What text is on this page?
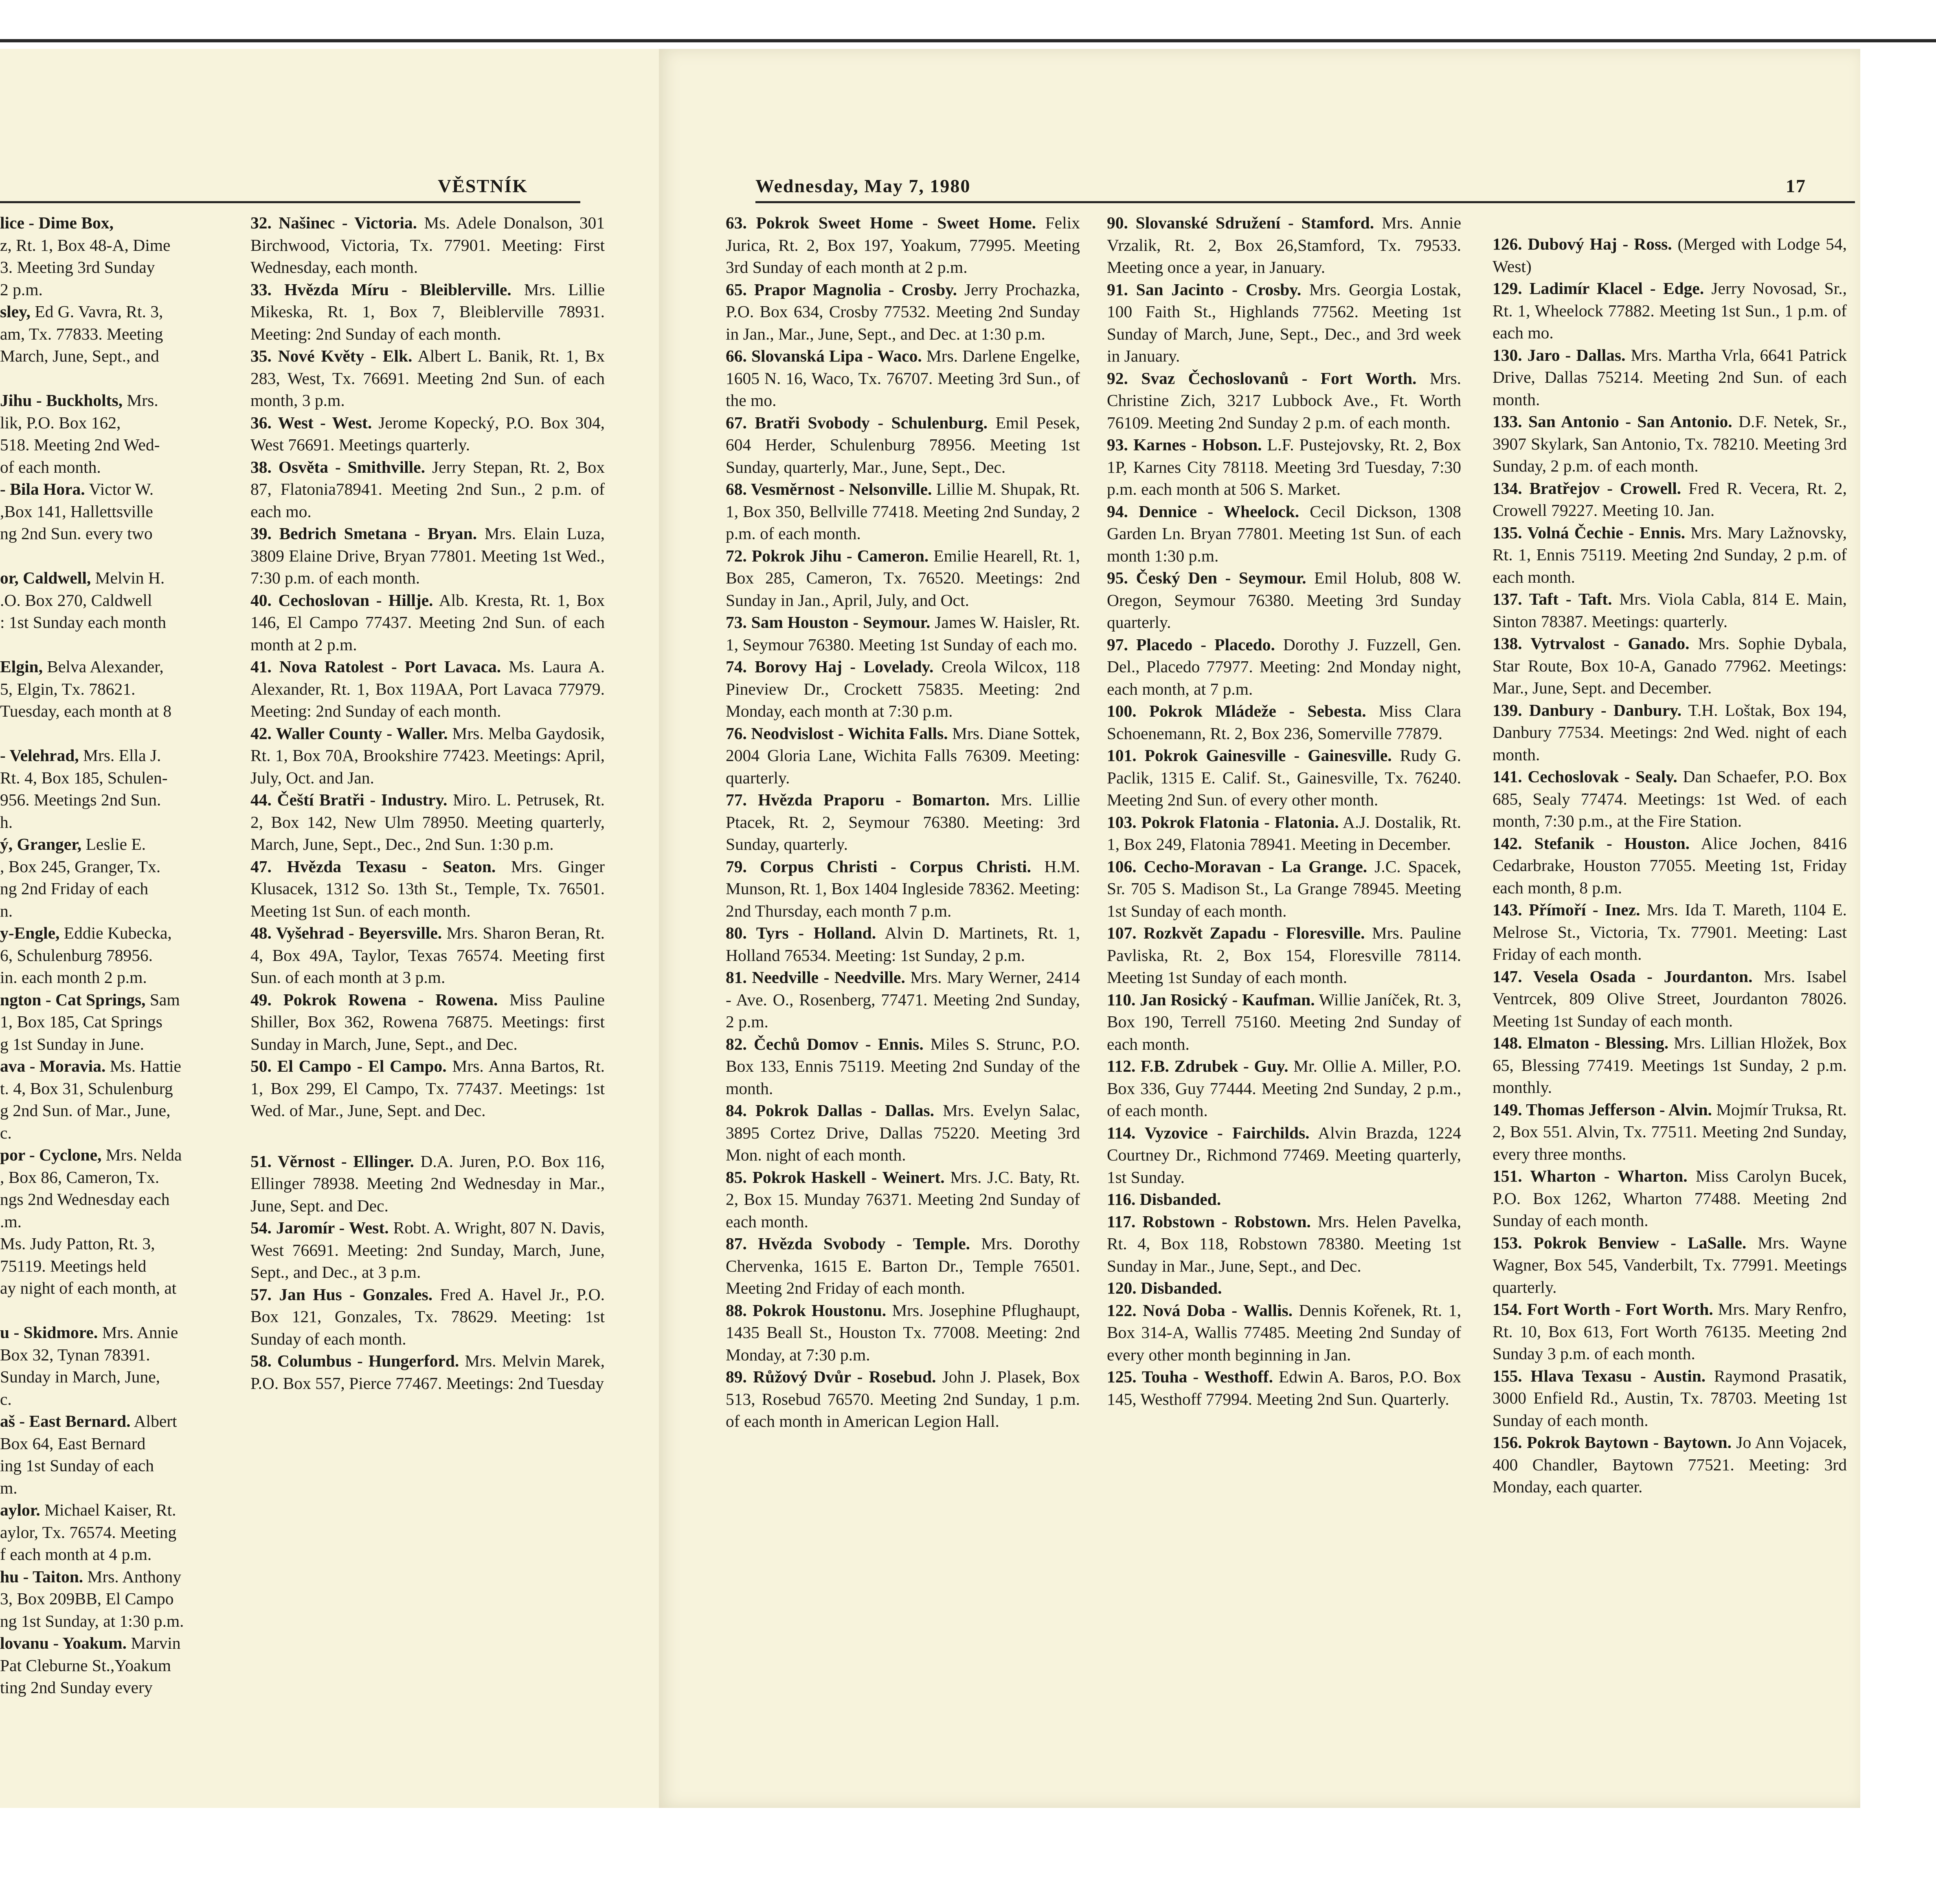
VĚSTNÍK	Wednesday, May 7, 1980	17
lice - Dime Box,
z, Rt. 1, Box 48-A, Dime
3. Meeting 3rd Sunday
2 p.m.
sley, Ed G. Vavra, Rt. 3,
am, Tx. 77833. Meeting
March, June, Sept., and

Jihu - Buckholts, Mrs.
lik, P.O. Box 162,
518. Meeting 2nd Wed-
of each month.
- Bila Hora. Victor W.
,Box 141, Hallettsville
ng 2nd Sun. every two

or, Caldwell, Melvin H.
.O. Box 270, Caldwell
: 1st Sunday each month

Elgin, Belva Alexander,
5, Elgin, Tx. 78621.
Tuesday, each month at 8

- Velehrad, Mrs. Ella J.
Rt. 4, Box 185, Schulen-
956. Meetings 2nd Sun.
h.
ý, Granger, Leslie E.
, Box 245, Granger, Tx.
ng 2nd Friday of each
n.
y-Engle, Eddie Kubecka,
6, Schulenburg 78956.
in. each month 2 p.m.
ngton - Cat Springs, Sam
1, Box 185, Cat Springs
g 1st Sunday in June.
ava - Moravia. Ms. Hattie
t. 4, Box 31, Schulenburg
g 2nd Sun. of Mar., June,
c.
por - Cyclone, Mrs. Nelda
, Box 86, Cameron, Tx.
ngs 2nd Wednesday each
.m.
Ms. Judy Patton, Rt. 3,
75119. Meetings held
ay night of each month, at

u - Skidmore. Mrs. Annie
Box 32, Tynan 78391.
Sunday in March, June,
c.
aš - East Bernard. Albert
Box 64, East Bernard
ing 1st Sunday of each
m.
aylor. Michael Kaiser, Rt.
aylor, Tx. 76574. Meeting
f each month at 4 p.m.
hu - Taiton. Mrs. Anthony
3, Box 209BB, El Campo
ng 1st Sunday, at 1:30 p.m.
lovanu - Yoakum. Marvin
Pat Cleburne St.,Yoakum
ting 2nd Sunday every
32. Našinec - Victoria. Ms. Adele Donalson, 301 Birchwood, Victoria, Tx. 77901. Meeting: First Wednesday, each month.
33. Hvězda Míru - Bleiblerville. Mrs. Lillie Mikeska, Rt. 1, Box 7, Bleiblerville 78931. Meeting: 2nd Sunday of each month.
35. Nové Květy - Elk. Albert L. Banik, Rt. 1, Bx 283, West, Tx. 76691. Meeting 2nd Sun. of each month, 3 p.m.
36. West - West. Jerome Kopecký, P.O. Box 304, West 76691. Meetings quarterly.
38. Osvěta - Smithville. Jerry Stepan, Rt. 2, Box 87, Flatonia78941. Meeting 2nd Sun., 2 p.m. of each mo.
39. Bedrich Smetana - Bryan. Mrs. Elain Luza, 3809 Elaine Drive, Bryan 77801. Meeting 1st Wed., 7:30 p.m. of each month.
40. Cechoslovan - Hillje. Alb. Kresta, Rt. 1, Box 146, El Campo 77437. Meeting 2nd Sun. of each month at 2 p.m.
41. Nova Ratolest - Port Lavaca. Ms. Laura A. Alexander, Rt. 1, Box 119AA, Port Lavaca 77979. Meeting: 2nd Sunday of each month.
42. Waller County - Waller. Mrs. Melba Gaydosik, Rt. 1, Box 70A, Brookshire 77423. Meetings: April, July, Oct. and Jan.
44. Čeští Bratři - Industry. Miro. L. Petrusek, Rt. 2, Box 142, New Ulm 78950. Meeting quarterly, March, June, Sept., Dec., 2nd Sun. 1:30 p.m.
47. Hvězda Texasu - Seaton. Mrs. Ginger Klusacek, 1312 So. 13th St., Temple, Tx. 76501. Meeting 1st Sun. of each month.
48. Vyšehrad - Beyersville. Mrs. Sharon Beran, Rt. 4, Box 49A, Taylor, Texas 76574. Meeting first Sun. of each month at 3 p.m.
49. Pokrok Rowena - Rowena. Miss Pauline Shiller, Box 362, Rowena 76875. Meetings: first Sunday in March, June, Sept., and Dec.
50. El Campo - El Campo. Mrs. Anna Bartos, Rt. 1, Box 299, El Campo, Tx. 77437. Meetings: 1st Wed. of Mar., June, Sept. and Dec.
51. Věrnost - Ellinger. D.A. Juren, P.O. Box 116, Ellinger 78938. Meeting 2nd Wednesday in Mar., June, Sept. and Dec.
54. Jaromír - West. Robt. A. Wright, 807 N. Davis, West 76691. Meeting: 2nd Sunday, March, June, Sept., and Dec., at 3 p.m.
57. Jan Hus - Gonzales. Fred A. Havel Jr., P.O. Box 121, Gonzales, Tx. 78629. Meeting: 1st Sunday of each month.
58. Columbus - Hungerford. Mrs. Melvin Marek, P.O. Box 557, Pierce 77467. Meetings: 2nd Tuesday
63. Pokrok Sweet Home - Sweet Home. Felix Jurica, Rt. 2, Box 197, Yoakum, 77995. Meeting 3rd Sunday of each month at 2 p.m.
65. Prapor Magnolia - Crosby. Jerry Prochazka, P.O. Box 634, Crosby 77532. Meeting 2nd Sunday in Jan., Mar., June, Sept., and Dec. at 1:30 p.m.
66. Slovanská Lipa - Waco. Mrs. Darlene Engelke, 1605 N. 16, Waco, Tx. 76707. Meeting 3rd Sun., of the mo.
67. Bratři Svobody - Schulenburg. Emil Pesek, 604 Herder, Schulenburg 78956. Meeting 1st Sunday, quarterly, Mar., June, Sept., Dec.
68. Vesměrnost - Nelsonville. Lillie M. Shupak, Rt. 1, Box 350, Bellville 77418. Meeting 2nd Sunday, 2 p.m. of each month.
72. Pokrok Jihu - Cameron. Emilie Hearell, Rt. 1, Box 285, Cameron, Tx. 76520. Meetings: 2nd Sunday in Jan., April, July, and Oct.
73. Sam Houston - Seymour. James W. Haisler, Rt. 1, Seymour 76380. Meeting 1st Sunday of each mo.
74. Borovy Haj - Lovelady. Creola Wilcox, 118 Pineview Dr., Crockett 75835. Meeting: 2nd Monday, each month at 7:30 p.m.
76. Neodvislost - Wichita Falls. Mrs. Diane Sottek, 2004 Gloria Lane, Wichita Falls 76309. Meeting: quarterly.
77. Hvězda Praporu - Bomarton. Mrs. Lillie Ptacek, Rt. 2, Seymour 76380. Meeting: 3rd Sunday, quarterly.
79. Corpus Christi - Corpus Christi. H.M. Munson, Rt. 1, Box 1404 Ingleside 78362. Meeting: 2nd Thursday, each month 7 p.m.
80. Tyrs - Holland. Alvin D. Martinets, Rt. 1, Holland 76534. Meeting: 1st Sunday, 2 p.m.
81. Needville - Needville. Mrs. Mary Werner, 2414 - Ave. O., Rosenberg, 77471. Meeting 2nd Sunday, 2 p.m.
82. Čechů Domov - Ennis. Miles S. Strunc, P.O. Box 133, Ennis 75119. Meeting 2nd Sunday of the month.
84. Pokrok Dallas - Dallas. Mrs. Evelyn Salac, 3895 Cortez Drive, Dallas 75220. Meeting 3rd Mon. night of each month.
85. Pokrok Haskell - Weinert. Mrs. J.C. Baty, Rt. 2, Box 15. Munday 76371. Meeting 2nd Sunday of each month.
87. Hvězda Svobody - Temple. Mrs. Dorothy Chervenka, 1615 E. Barton Dr., Temple 76501. Meeting 2nd Friday of each month.
88. Pokrok Houstonu. Mrs. Josephine Pflughaupt, 1435 Beall St., Houston Tx. 77008. Meeting: 2nd Monday, at 7:30 p.m.
89. Růžový Dvůr - Rosebud. John J. Plasek, Box 513, Rosebud 76570. Meeting 2nd Sunday, 1 p.m. of each month in American Legion Hall.
90. Slovanské Sdružení - Stamford. Mrs. Annie Vrzalik, Rt. 2, Box 26,Stamford, Tx. 79533. Meeting once a year, in January.
91. San Jacinto - Crosby. Mrs. Georgia Lostak, 100 Faith St., Highlands 77562. Meeting 1st Sunday of March, June, Sept., Dec., and 3rd week in January.
92. Svaz Čechoslovanů - Fort Worth. Mrs. Christine Zich, 3217 Lubbock Ave., Ft. Worth 76109. Meeting 2nd Sunday 2 p.m. of each month.
93. Karnes - Hobson. L.F. Pustejovsky, Rt. 2, Box 1P, Karnes City 78118. Meeting 3rd Tuesday, 7:30 p.m. each month at 506 S. Market.
94. Dennice - Wheelock. Cecil Dickson, 1308 Garden Ln. Bryan 77801. Meeting 1st Sun. of each month 1:30 p.m.
95. Český Den - Seymour. Emil Holub, 808 W. Oregon, Seymour 76380. Meeting 3rd Sunday quarterly.
97. Placedo - Placedo. Dorothy J. Fuzzell, Gen. Del., Placedo 77977. Meeting: 2nd Monday night, each month, at 7 p.m.
100. Pokrok Mládeže - Sebesta. Miss Clara Schoenemann, Rt. 2, Box 236, Somerville 77879.
101. Pokrok Gainesville - Gainesville. Rudy G. Paclik, 1315 E. Calif. St., Gainesville, Tx. 76240. Meeting 2nd Sun. of every other month.
103. Pokrok Flatonia - Flatonia. A.J. Dostalik, Rt. 1, Box 249, Flatonia 78941. Meeting in December.
106. Cecho-Moravan - La Grange. J.C. Spacek, Sr. 705 S. Madison St., La Grange 78945. Meeting 1st Sunday of each month.
107. Rozkvět Zapadu - Floresville. Mrs. Pauline Pavliska, Rt. 2, Box 154, Floresville 78114. Meeting 1st Sunday of each month.
110. Jan Rosický - Kaufman. Willie Janíček, Rt. 3, Box 190, Terrell 75160. Meeting 2nd Sunday of each month.
112. F.B. Zdrubek - Guy. Mr. Ollie A. Miller, P.O. Box 336, Guy 77444. Meeting 2nd Sunday, 2 p.m., of each month.
114. Vyzovice - Fairchilds. Alvin Brazda, 1224 Courtney Dr., Richmond 77469. Meeting quarterly, 1st Sunday.
116. Disbanded.
117. Robstown - Robstown. Mrs. Helen Pavelka, Rt. 4, Box 118, Robstown 78380. Meeting 1st Sunday in Mar., June, Sept., and Dec.
120. Disbanded.
122. Nová Doba - Wallis. Dennis Kořenek, Rt. 1, Box 314-A, Wallis 77485. Meeting 2nd Sunday of every other month beginning in Jan.
125. Touha - Westhoff. Edwin A. Baros, P.O. Box 145, Westhoff 77994. Meeting 2nd Sun. Quarterly.
126. Dubový Haj - Ross. (Merged with Lodge 54, West)
129. Ladimír Klacel - Edge. Jerry Novosad, Sr., Rt. 1, Wheelock 77882. Meeting 1st Sun., 1 p.m. of each mo.
130. Jaro - Dallas. Mrs. Martha Vrla, 6641 Patrick Drive, Dallas 75214. Meeting 2nd Sun. of each month.
133. San Antonio - San Antonio. D.F. Netek, Sr., 3907 Skylark, San Antonio, Tx. 78210. Meeting 3rd Sunday, 2 p.m. of each month.
134. Bratřejov - Crowell. Fred R. Vecera, Rt. 2, Crowell 79227. Meeting 10. Jan.
135. Volná Čechie - Ennis. Mrs. Mary Lažnovsky, Rt. 1, Ennis 75119. Meeting 2nd Sunday, 2 p.m. of each month.
137. Taft - Taft. Mrs. Viola Cabla, 814 E. Main, Sinton 78387. Meetings: quarterly.
138. Vytrvalost - Ganado. Mrs. Sophie Dybala, Star Route, Box 10-A, Ganado 77962. Meetings: Mar., June, Sept. and December.
139. Danbury - Danbury. T.H. Loštak, Box 194, Danbury 77534. Meetings: 2nd Wed. night of each month.
141. Cechoslovak - Sealy. Dan Schaefer, P.O. Box 685, Sealy 77474. Meetings: 1st Wed. of each month, 7:30 p.m., at the Fire Station.
142. Stefanik - Houston. Alice Jochen, 8416 Cedarbrake, Houston 77055. Meeting 1st, Friday each month, 8 p.m.
143. Přímoří - Inez. Mrs. Ida T. Mareth, 1104 E. Melrose St., Victoria, Tx. 77901. Meeting: Last Friday of each month.
147. Vesela Osada - Jourdanton. Mrs. Isabel Ventrcek, 809 Olive Street, Jourdanton 78026. Meeting 1st Sunday of each month.
148. Elmaton - Blessing. Mrs. Lillian Hložek, Box 65, Blessing 77419. Meetings 1st Sunday, 2 p.m. monthly.
149. Thomas Jefferson - Alvin. Mojmír Truksa, Rt. 2, Box 551. Alvin, Tx. 77511. Meeting 2nd Sunday, every three months.
151. Wharton - Wharton. Miss Carolyn Bucek, P.O. Box 1262, Wharton 77488. Meeting 2nd Sunday of each month.
153. Pokrok Benview - LaSalle. Mrs. Wayne Wagner, Box 545, Vanderbilt, Tx. 77991. Meetings quarterly.
154. Fort Worth - Fort Worth. Mrs. Mary Renfro, Rt. 10, Box 613, Fort Worth 76135. Meeting 2nd Sunday 3 p.m. of each month.
155. Hlava Texasu - Austin. Raymond Prasatik, 3000 Enfield Rd., Austin, Tx. 78703. Meeting 1st Sunday of each month.
156. Pokrok Baytown - Baytown. Jo Ann Vojacek, 400 Chandler, Baytown 77521. Meeting: 3rd Monday, each quarter.
